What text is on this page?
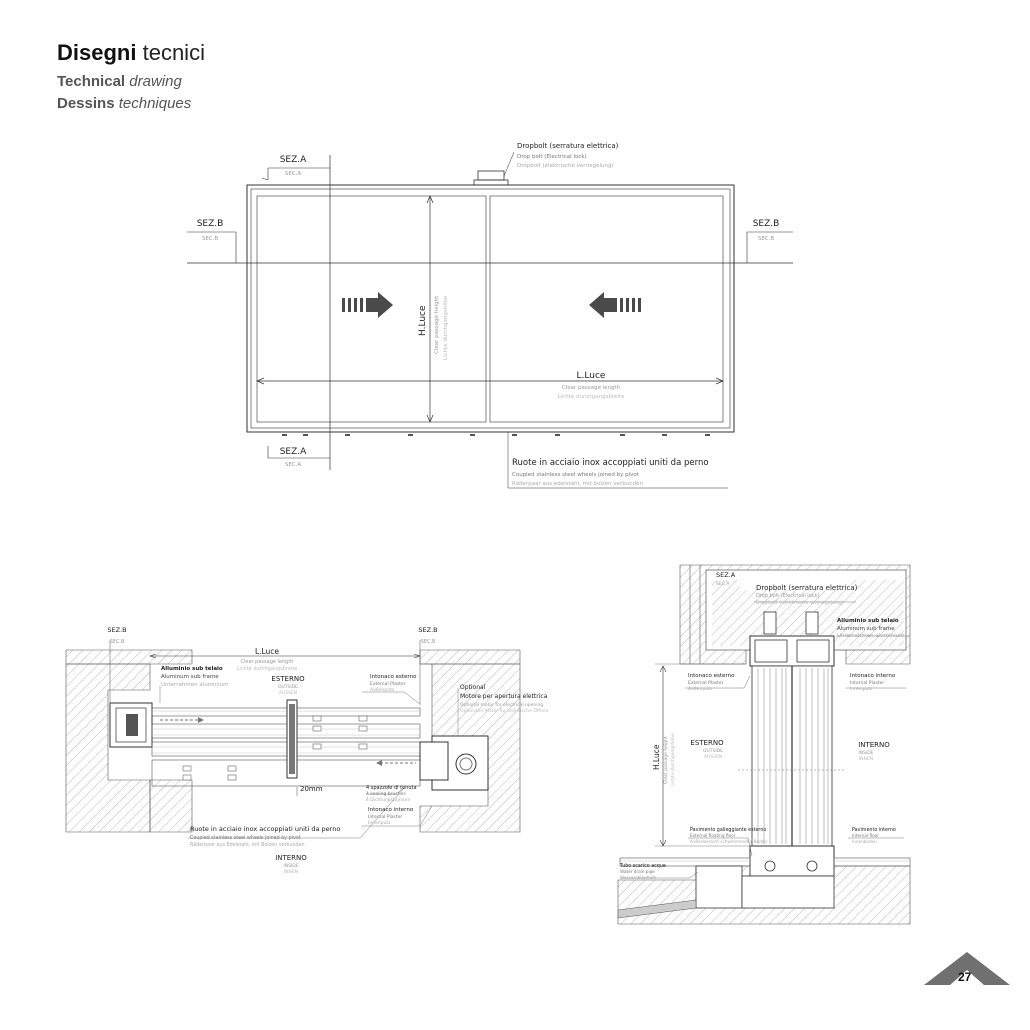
Disegni tecnici
Technical drawing
Dessins techniques
SEZ.A
SEC.A
SEZ.B
SEC.B
SEZ.B
SEC.B
SEZ.A
SEC.A
Dropbolt (serratura elettrica)
Drop bolt (Electrical lock)
Dropbolt (elektrische verriegelung)
H.Luce Clear passage height Lichte durchgangshöhe
L.Luce
Clear passage length
Lichte durchgangsbreite
Ruote in acciaio inox accoppiati uniti da perno
Coupled stainless steel wheels joined by pivot
Räderpaar aus edelstahl, mit bolzen verbunden
SEZ.B
SEC.B
SEZ.B
SEC.B
L.Luce
Clear passage length
Lichte durchgangsbreite
Alluminio sub telaio
Aluminum sub frame
Unterrahmen aluminium
ESTERNO
OUTSIDE
AUSSEN
Intonaco esterno
External Plaster
Außenputz	Optional
Motore per apertura elettrica
Optional motor for electrical opening
Optionaler Motor für elektrische Öffnen
20mm	4 spazzole di tenuta
4 sealing brushes
4 Dichtungsbürsten
Intonaco interno
Internal Plaster
Innenputz
Ruote in acciaio inox accoppiati uniti da perno
Coupled stainless steel wheels joined by pivot
Räderpaar aus Edelstahl, mit Bolzen verbunden
INTERNO
INSIDE
INNEN
SEZ.A
SEC.A	Dropbolt (serratura elettrica)
Drop bolt (Electrical lock)
Dropbolt (elektrische verriegelung)
Alluminio sub telaio
Aluminum sub frame
Unterrahmen aluminium
Intonaco esterno
External Plaster
Außenputz
Intonaco interno
Internal Plaster
Innenputz
H.Luce Clear passage height Lichte durchgangshöhe ESTERNO
OUTSIDE
AUSSEN
INTERNO
INSIDE
INNEN
Pavimento galleggiante esterno
External floating floor
Außenbereich schwimmender Boden
Pavimento interno
Internal floor
Innenboden
Tubo scarico acque
Water drain pipe
Wasserablaufrohr
27
